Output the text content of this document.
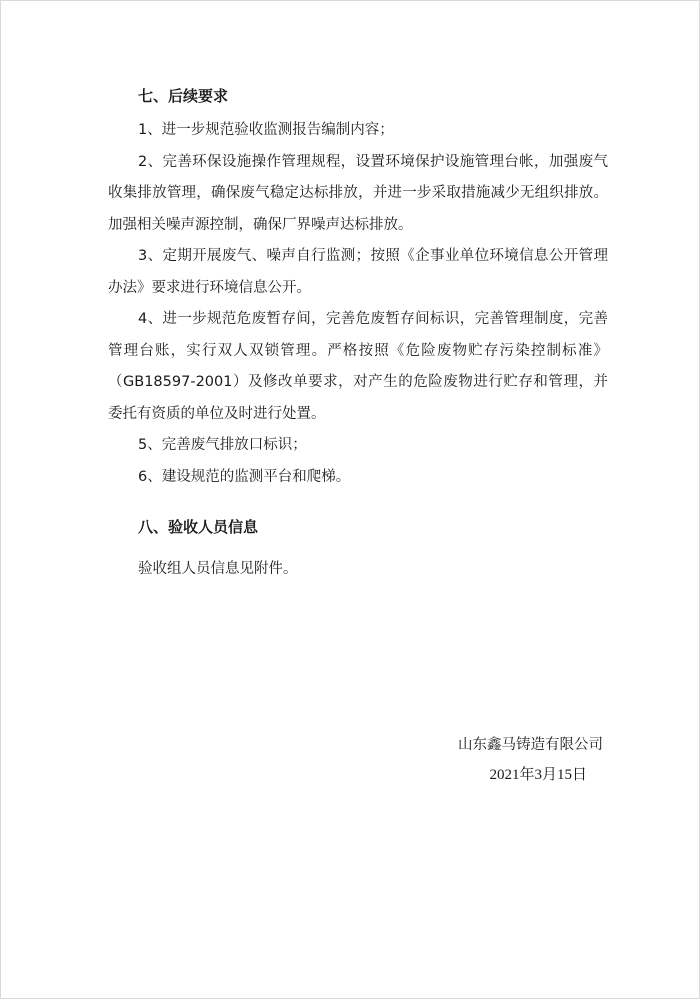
七、后续要求
1、进一步规范验收监测报告编制内容；
2、完善环保设施操作管理规程，设置环境保护设施管理台帐，加强废气收集排放管理，确保废气稳定达标排放，并进一步采取措施减少无组织排放。加强相关噪声源控制，确保厂界噪声达标排放。
3、定期开展废气、噪声自行监测；按照《企事业单位环境信息公开管理办法》要求进行环境信息公开。
4、进一步规范危废暂存间，完善危废暂存间标识，完善管理制度，完善管理台账，实行双人双锁管理。严格按照《危险废物贮存污染控制标准》（GB18597-2001）及修改单要求，对产生的危险废物进行贮存和管理，并委托有资质的单位及时进行处置。
5、完善废气排放口标识；
6、建设规范的监测平台和爬梯。
八、验收人员信息
验收组人员信息见附件。
山东鑫马铸造有限公司
2021年3月15日
